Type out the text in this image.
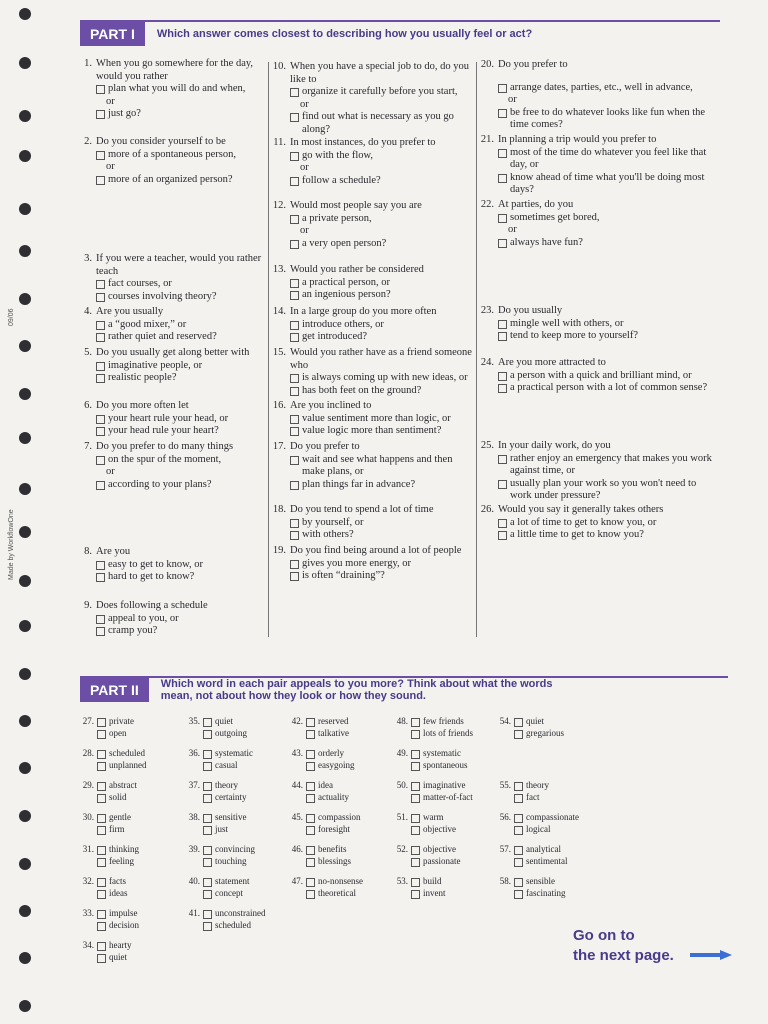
09/06
Made by WorkflowOne
PART I	Which answer comes closest to describing how you usually feel or act?
1. When you go somewhere for the day, would you rather
plan what you will do and when,
or
just go?
2. Do you consider yourself to be
more of a spontaneous person,
or
more of an organized person?
3. If you were a teacher, would you rather teach
fact courses, or
courses involving theory?
4. Are you usually
a “good mixer,” or
rather quiet and reserved?
5. Do you usually get along better with
imaginative people, or
realistic people?
6. Do you more often let
your heart rule your head, or
your head rule your heart?
7. Do you prefer to do many things
on the spur of the moment,
or
according to your plans?
8. Are you
easy to get to know, or
hard to get to know?
9. Does following a schedule
appeal to you, or
cramp you?
10. When you have a special job to do, do you like to
organize it carefully before you start,
or
find out what is necessary as you go along?
11. In most instances, do you prefer to
go with the flow,
or
follow a schedule?
12. Would most people say you are
a private person,
or
a very open person?
13. Would you rather be considered
a practical person, or
an ingenious person?
14. In a large group do you more often
introduce others, or
get introduced?
15. Would you rather have as a friend someone who
is always coming up with new ideas, or
has both feet on the ground?
16. Are you inclined to
value sentiment more than logic, or
value logic more than sentiment?
17. Do you prefer to
wait and see what happens and then make plans, or
plan things far in advance?
18. Do you tend to spend a lot of time
by yourself, or
with others?
19. Do you find being around a lot of people
gives you more energy, or
is often “draining”?
20. Do you prefer to
arrange dates, parties, etc., well in advance,
or
be free to do whatever looks like fun when the time comes?
21. In planning a trip would you prefer to
most of the time do whatever you feel like that day, or
know ahead of time what you'll be doing most days?
22. At parties, do you
sometimes get bored,
or
always have fun?
23. Do you usually
mingle well with others, or
tend to keep more to yourself?
24. Are you more attracted to
a person with a quick and brilliant mind, or
a practical person with a lot of common sense?
25. In your daily work, do you
rather enjoy an emergency that makes you work against time, or
usually plan your work so you won't need to work under pressure?
26. Would you say it generally takes others
a lot of time to get to know you, or
a little time to get to know you?
PART II	Which word in each pair appeals to you more? Think about what the words
mean, not about how they look or how they sound.
27. private
open
28. scheduled
unplanned
29. abstract
solid
30. gentle
firm
31. thinking
feeling
32. facts
ideas
33. impulse
decision
34. hearty
quiet
35. quiet
outgoing
36. systematic
casual
37. theory
certainty
38. sensitive
just
39. convincing
touching
40. statement
concept
41. unconstrained
scheduled
42. reserved
talkative
43. orderly
easygoing
44. idea
actuality
45. compassion
foresight
46. benefits
blessings
47. no-nonsense
theoretical
48. few friends
lots of friends
49. systematic
spontaneous
50. imaginative
matter-of-fact
51. warm
objective
52. objective
passionate
53. build
invent
54. quiet
gregarious
55. theory
fact
56. compassionate
logical
57. analytical
sentimental
58. sensible
fascinating
Go on to
the next page.
